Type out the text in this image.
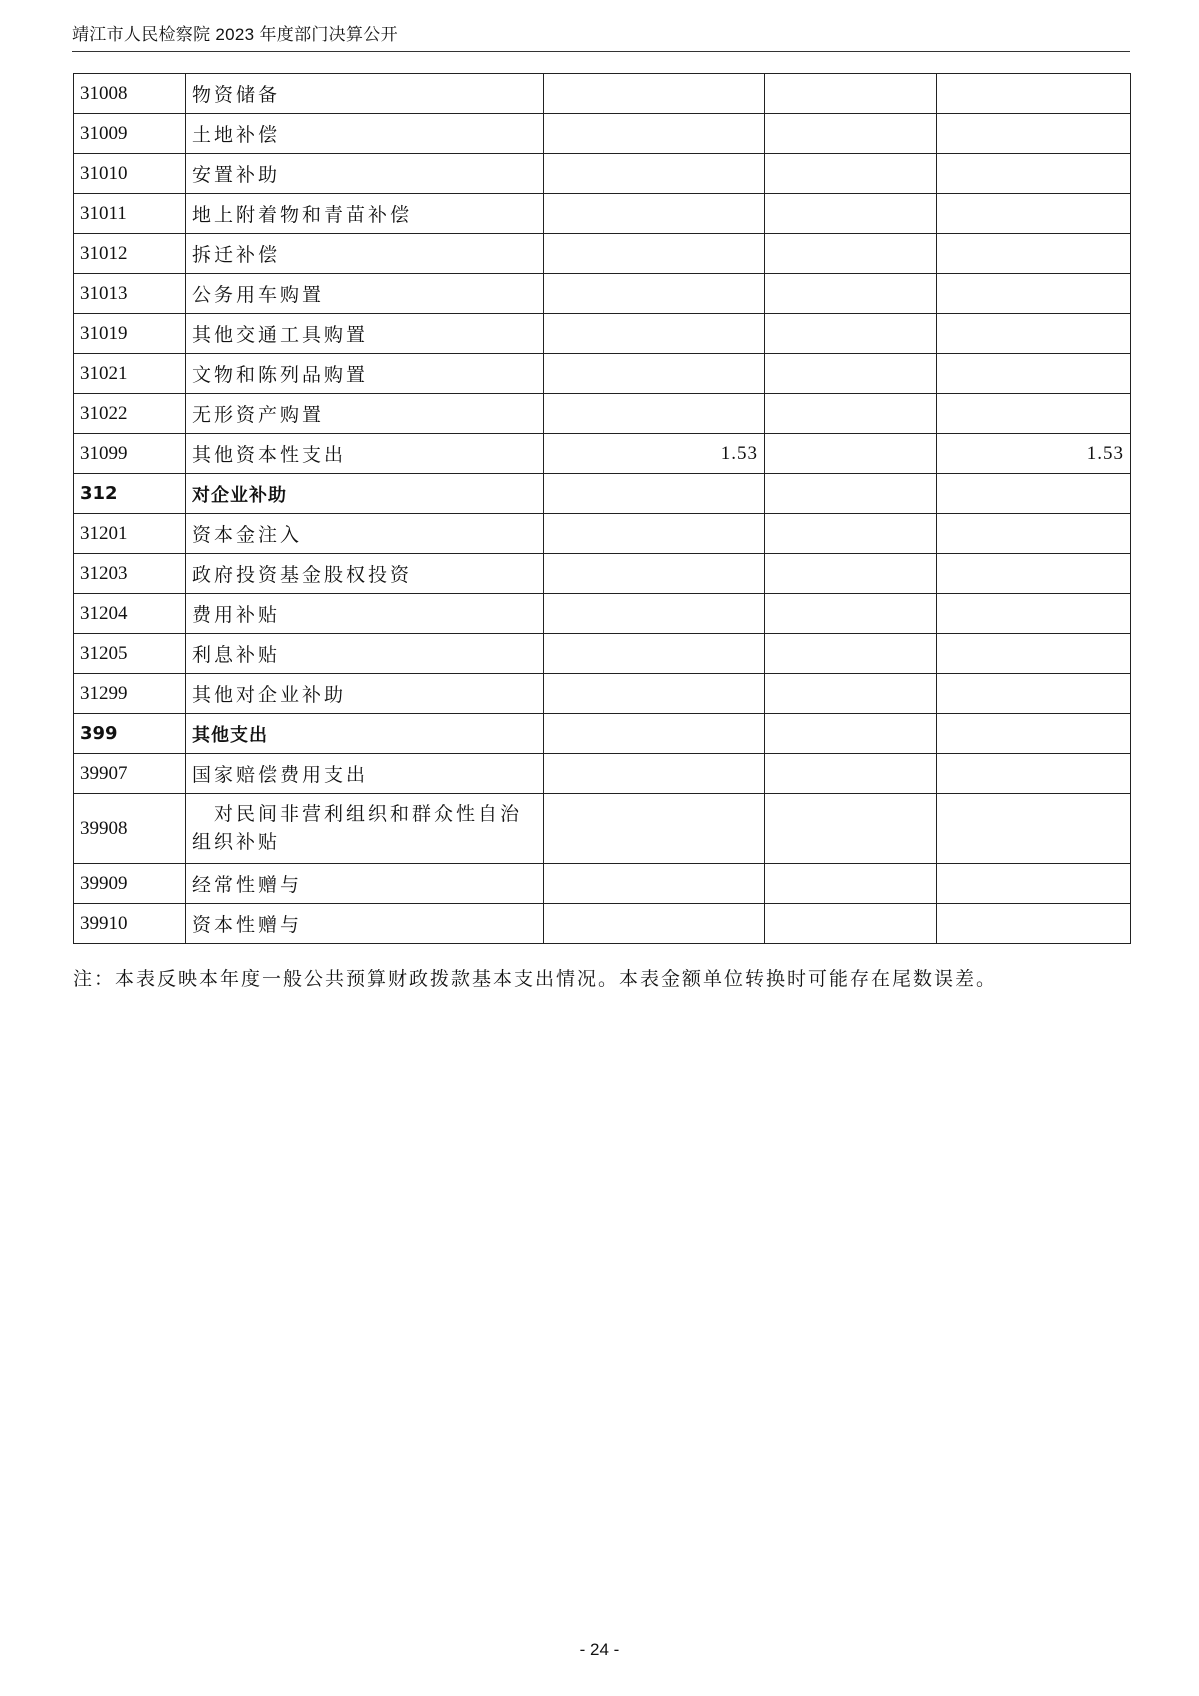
靖江市人民检察院 2023 年度部门决算公开
31008	物资储备			
31009	土地补偿			
31010	安置补助			
31011	地上附着物和青苗补偿			
31012	拆迁补偿			
31013	公务用车购置			
31019	其他交通工具购置			
31021	文物和陈列品购置			
31022	无形资产购置			
31099	其他资本性支出	1.53		1.53
312	对企业补助			
31201	资本金注入			
31203	政府投资基金股权投资			
31204	费用补贴			
31205	利息补贴			
31299	其他对企业补助			
399	其他支出			
39907	国家赔偿费用支出			
39908	对民间非营利组织和群众性自治组织补贴			
39909	经常性赠与			
39910	资本性赠与			
注：本表反映本年度一般公共预算财政拨款基本支出情况。本表金额单位转换时可能存在尾数误差。
- 24 -
